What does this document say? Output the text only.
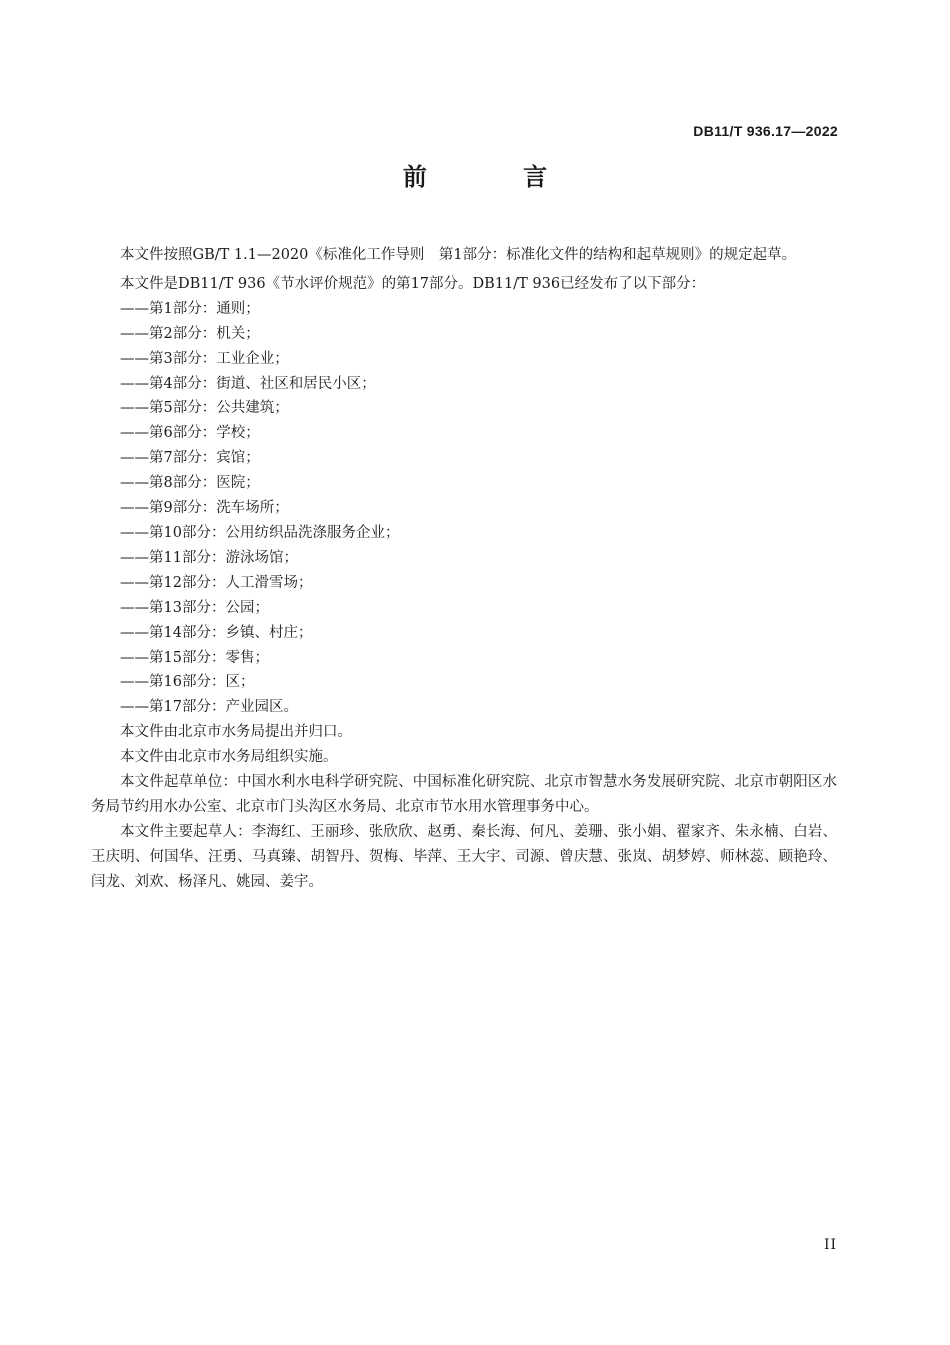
DB11/T 936.17—2022
前 言

本文件按照GB/T 1.1—2020《标准化工作导则　第1部分：标准化文件的结构和起草规则》的规定起草。

本文件是DB11/T 936《节水评价规范》的第17部分。DB11/T 936已经发布了以下部分：

——第1部分：通则；
——第2部分：机关；
——第3部分：工业企业；
——第4部分：街道、社区和居民小区；
——第5部分：公共建筑；
——第6部分：学校；
——第7部分：宾馆；
——第8部分：医院；
——第9部分：洗车场所；
——第10部分：公用纺织品洗涤服务企业；
——第11部分：游泳场馆；
——第12部分：人工滑雪场；
——第13部分：公园；
——第14部分：乡镇、村庄；
——第15部分：零售；
——第16部分：区；
——第17部分：产业园区。

本文件由北京市水务局提出并归口。

本文件由北京市水务局组织实施。

本文件起草单位：中国水利水电科学研究院、中国标准化研究院、北京市智慧水务发展研究院、北京市朝阳区水务局节约用水办公室、北京市门头沟区水务局、北京市节水用水管理事务中心。

本文件主要起草人：李海红、王丽珍、张欣欣、赵勇、秦长海、何凡、姜珊、张小娟、翟家齐、朱永楠、白岩、王庆明、何国华、汪勇、马真臻、胡智丹、贺梅、毕萍、王大宇、司源、曾庆慧、张岚、胡梦婷、师林蕊、顾艳玲、闫龙、刘欢、杨泽凡、姚园、姜宇。

II
